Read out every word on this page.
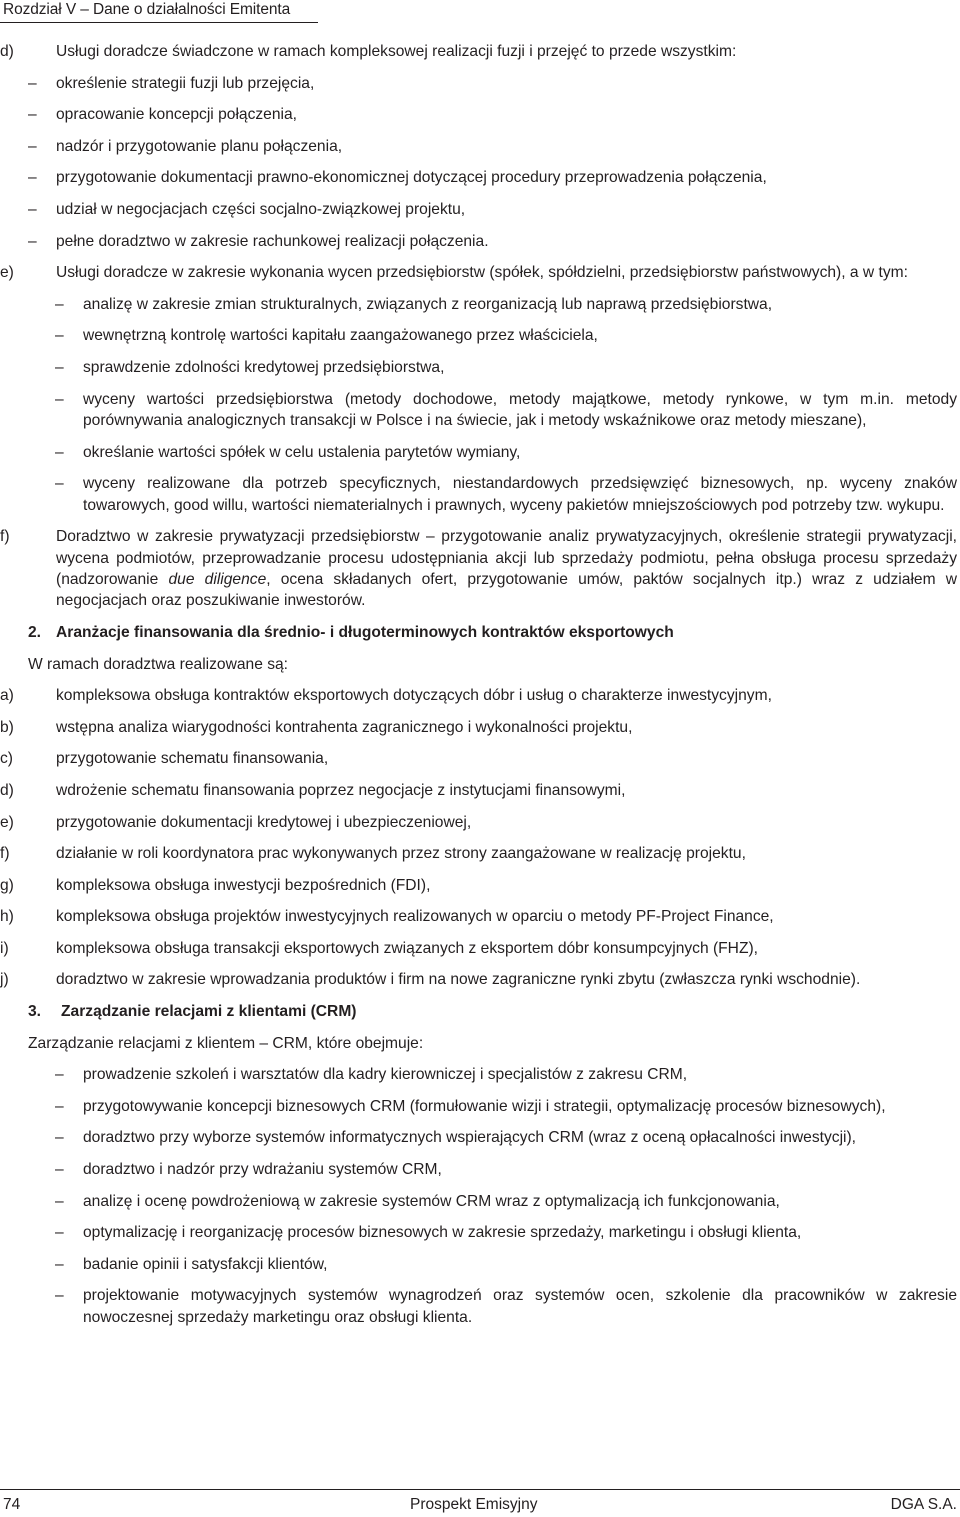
Rozdział V – Dane o działalności Emitenta
d)	Usługi doradcze świadczone w ramach kompleksowej realizacji fuzji i przejęć to przede wszystkim:
– określenie strategii fuzji lub przejęcia,
– opracowanie koncepcji połączenia,
– nadzór i przygotowanie planu połączenia,
– przygotowanie dokumentacji prawno-ekonomicznej dotyczącej procedury przeprowadzenia połączenia,
– udział w negocjacjach części socjalno-związkowej projektu,
– pełne doradztwo w zakresie rachunkowej realizacji połączenia.
e)	Usługi doradcze w zakresie wykonania wycen przedsiębiorstw (spółek, spółdzielni, przedsiębiorstw państwowych), a w tym:
– analizę w zakresie zmian strukturalnych, związanych z reorganizacją lub naprawą przedsiębiorstwa,
– wewnętrzną kontrolę wartości kapitału zaangażowanego przez właściciela,
– sprawdzenie zdolności kredytowej przedsiębiorstwa,
– wyceny wartości przedsiębiorstwa (metody dochodowe, metody majątkowe, metody rynkowe, w tym m.in. metody porównywania analogicznych transakcji w Polsce i na świecie, jak i metody wskaźnikowe oraz metody mieszane),
– określanie wartości spółek w celu ustalenia parytetów wymiany,
– wyceny realizowane dla potrzeb specyficznych, niestandardowych przedsięwzięć biznesowych, np. wyceny znaków towarowych, good willu, wartości niematerialnych i prawnych, wyceny pakietów mniejszościowych pod potrzeby tzw. wykupu.
f)	Doradztwo w zakresie prywatyzacji przedsiębiorstw – przygotowanie analiz prywatyzacyjnych, określenie strategii prywatyzacji, wycena podmiotów, przeprowadzanie procesu udostępniania akcji lub sprzedaży podmiotu, pełna obsługa procesu sprzedaży (nadzorowanie due diligence, ocena składanych ofert, przygotowanie umów, paktów socjalnych itp.) wraz z udziałem w negocjacjach oraz poszukiwanie inwestorów.
2. Aranżacje finansowania dla średnio- i długoterminowych kontraktów eksportowych
W ramach doradztwa realizowane są:
a)	kompleksowa obsługa kontraktów eksportowych dotyczących dóbr i usług o charakterze inwestycyjnym,
b)	wstępna analiza wiarygodności kontrahenta zagranicznego i wykonalności projektu,
c)	przygotowanie schematu finansowania,
d)	wdrożenie schematu finansowania poprzez negocjacje z instytucjami finansowymi,
e)	przygotowanie dokumentacji kredytowej i ubezpieczeniowej,
f)	działanie w roli koordynatora prac wykonywanych przez strony zaangażowane w realizację projektu,
g)	kompleksowa obsługa inwestycji bezpośrednich (FDI),
h)	kompleksowa obsługa projektów inwestycyjnych realizowanych w oparciu o metody PF-Project Finance,
i)	kompleksowa obsługa transakcji eksportowych związanych z eksportem dóbr konsumpcyjnych (FHZ),
j)	doradztwo w zakresie wprowadzania produktów i firm na nowe zagraniczne rynki zbytu (zwłaszcza rynki wschodnie).
3. Zarządzanie relacjami z klientami (CRM)
Zarządzanie relacjami z klientem – CRM, które obejmuje:
– prowadzenie szkoleń i warsztatów dla kadry kierowniczej i specjalistów z zakresu CRM,
– przygotowywanie koncepcji biznesowych CRM (formułowanie wizji i strategii, optymalizację procesów biznesowych),
– doradztwo przy wyborze systemów informatycznych wspierających CRM (wraz z oceną opłacalności inwestycji),
– doradztwo i nadzór przy wdrażaniu systemów CRM,
– analizę i ocenę powdrożeniową w zakresie systemów CRM wraz z optymalizacją ich funkcjonowania,
– optymalizację i reorganizację procesów biznesowych w zakresie sprzedaży, marketingu i obsługi klienta,
– badanie opinii i satysfakcji klientów,
– projektowanie motywacyjnych systemów wynagrodzeń oraz systemów ocen, szkolenie dla pracowników w zakresie nowoczesnej sprzedaży marketingu oraz obsługi klienta.
74	Prospekt Emisyjny	DGA S.A.
